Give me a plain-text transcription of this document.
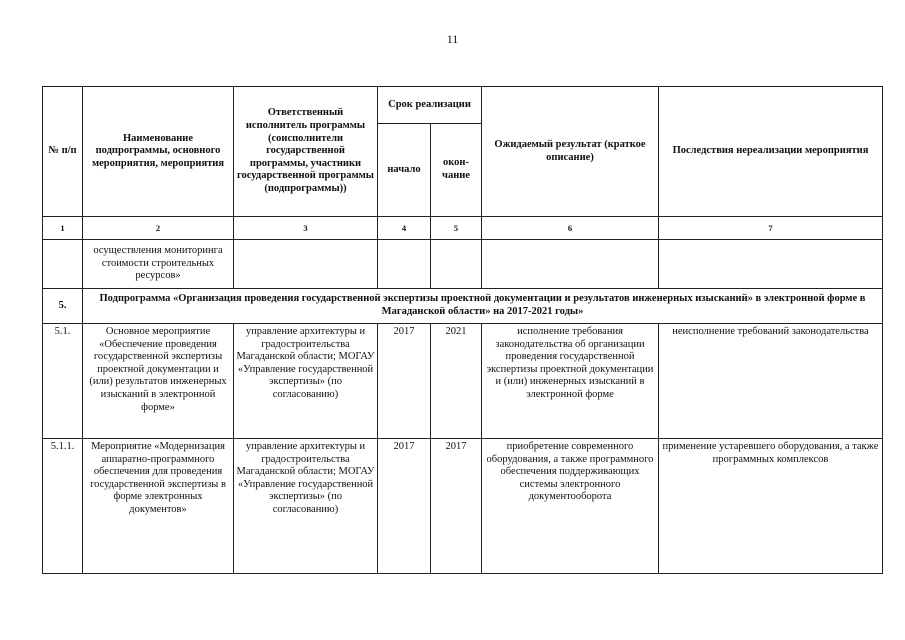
11
№ п/п	Наименование подпрограммы, основного мероприятия, мероприятия	Ответственный исполнитель программы (соисполнители государственной программы, участники государственной программы (подпрограммы))	Срок реализации		Ожидаемый результат (краткое описание)	Последствия нереализации мероприятия
			начало	окон-чание		
1	2	3	4	5	6	7
	осуществления мониторинга стоимости строительных ресурсов»					
5.	Подпрограмма «Организация проведения государственной экспертизы проектной документации и результатов инженерных изысканий» в электронной форме в Магаданской области» на 2017-2021 годы»					
5.1.	Основное мероприятие «Обеспечение проведения государственной экспертизы проектной документации и (или) результатов инженерных изысканий в электронной форме»	управление архитектуры и градостроительства Магаданской области; МОГАУ «Управление государственной экспертизы» (по согласованию)	2017	2021	исполнение требования законодательства об организации проведения государственной экспертизы проектной документации и (или) инженерных изысканий в электронной форме	неисполнение требований законодательства
5.1.1.	Мероприятие «Модернизация аппаратно-программного обеспечения для проведения государственной экспертизы в форме электронных документов»	управление архитектуры и градостроительства Магаданской области; МОГАУ «Управление государственной экспертизы» (по согласованию)	2017	2017	приобретение современного оборудования, а также программного обеспечения поддерживающих системы электронного документооборота	применение устаревшего оборудования, а также программных комплексов
